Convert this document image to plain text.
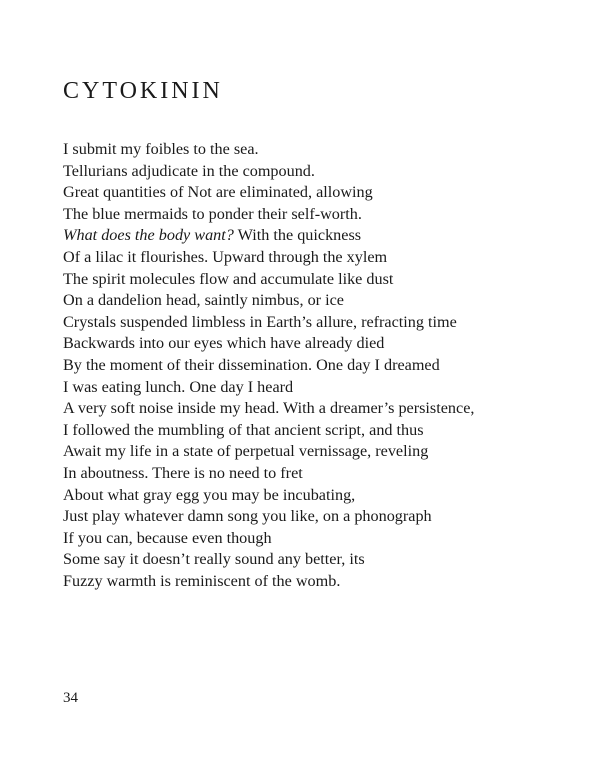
CYTOKININ
I submit my foibles to the sea.
Tellurians adjudicate in the compound.
Great quantities of Not are eliminated, allowing
The blue mermaids to ponder their self-worth.
What does the body want? With the quickness
Of a lilac it flourishes. Upward through the xylem
The spirit molecules flow and accumulate like dust
On a dandelion head, saintly nimbus, or ice
Crystals suspended limbless in Earth’s allure, refracting time
Backwards into our eyes which have already died
By the moment of their dissemination. One day I dreamed
I was eating lunch. One day I heard
A very soft noise inside my head. With a dreamer’s persistence,
I followed the mumbling of that ancient script, and thus
Await my life in a state of perpetual vernissage, reveling
In aboutness. There is no need to fret
About what gray egg you may be incubating,
Just play whatever damn song you like, on a phonograph
If you can, because even though
Some say it doesn’t really sound any better, its
Fuzzy warmth is reminiscent of the womb.
34
